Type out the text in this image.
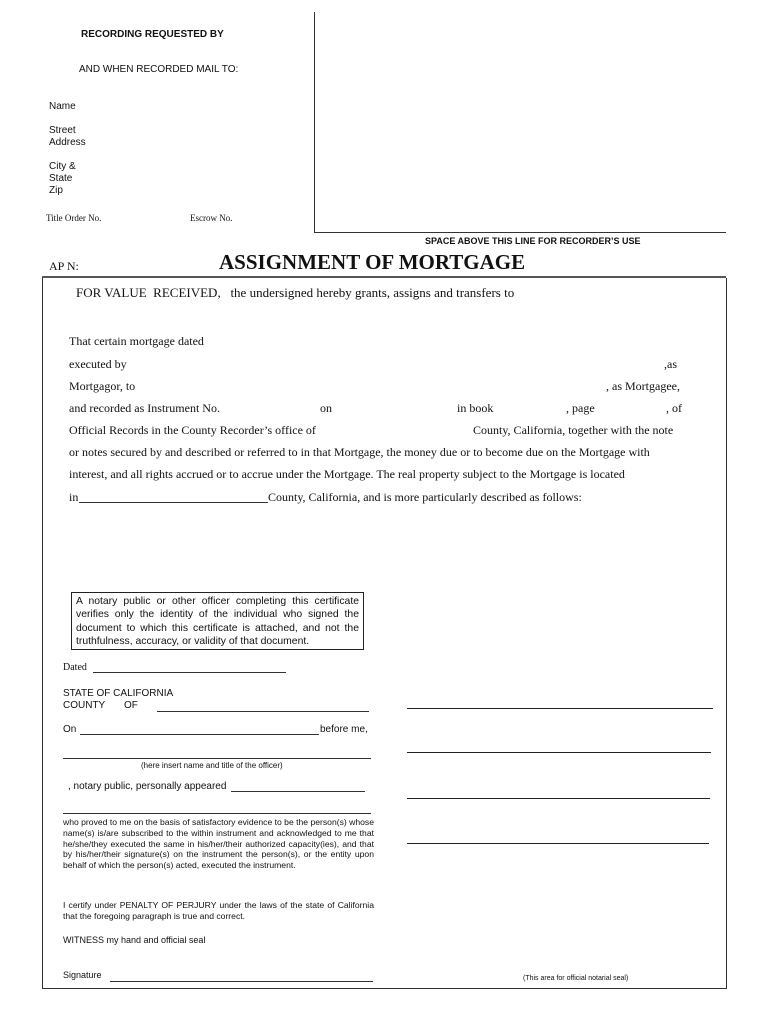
RECORDING REQUESTED BY
AND WHEN RECORDED MAIL TO:
Name
Street
Address
City &
State
Zip
Title Order No.	Escrow No.
SPACE ABOVE THIS LINE FOR RECORDER’S USE
AP N:	ASSIGNMENT OF MORTGAGE
FOR VALUE  RECEIVED,   the undersigned hereby grants, assigns and transfers to
That certain mortgage dated
executed by	,as
Mortgagor, to	, as Mortgagee,
and recorded as Instrument No.	on	in book	, page	, of
Official Records in the County Recorder’s office of	County, California, together with the note
or notes secured by and described or referred to in that Mortgage, the money due or to become due on the Mortgage with
interest, and all rights accrued or to accrue under the Mortgage. The real property subject to the Mortgage is located
in	County, California, and is more particularly described as follows:
A notary public or other officer completing this certificate verifies only the identity of the individual who signed the document to which this certificate is attached, and not the truthfulness, accuracy, or validity of that document.
Dated
STATE OF CALIFORNIA
COUNTY OF
On	before me,
(here insert name and title of the officer)
, notary public, personally appeared
who proved to me on the basis of satisfactory evidence to be the person(s) whose name(s) is/are subscribed to the within instrument and acknowledged to me that he/she/they executed the same in his/her/their authorized capacity(ies), and that by his/her/their signature(s) on the instrument the person(s), or the entity upon behalf of which the person(s) acted, executed the instrument.
I certify under PENALTY OF PERJURY under the laws of the state of California that the foregoing paragraph is true and correct.
WITNESS my hand and official seal
Signature	(This area for official notarial seal)
